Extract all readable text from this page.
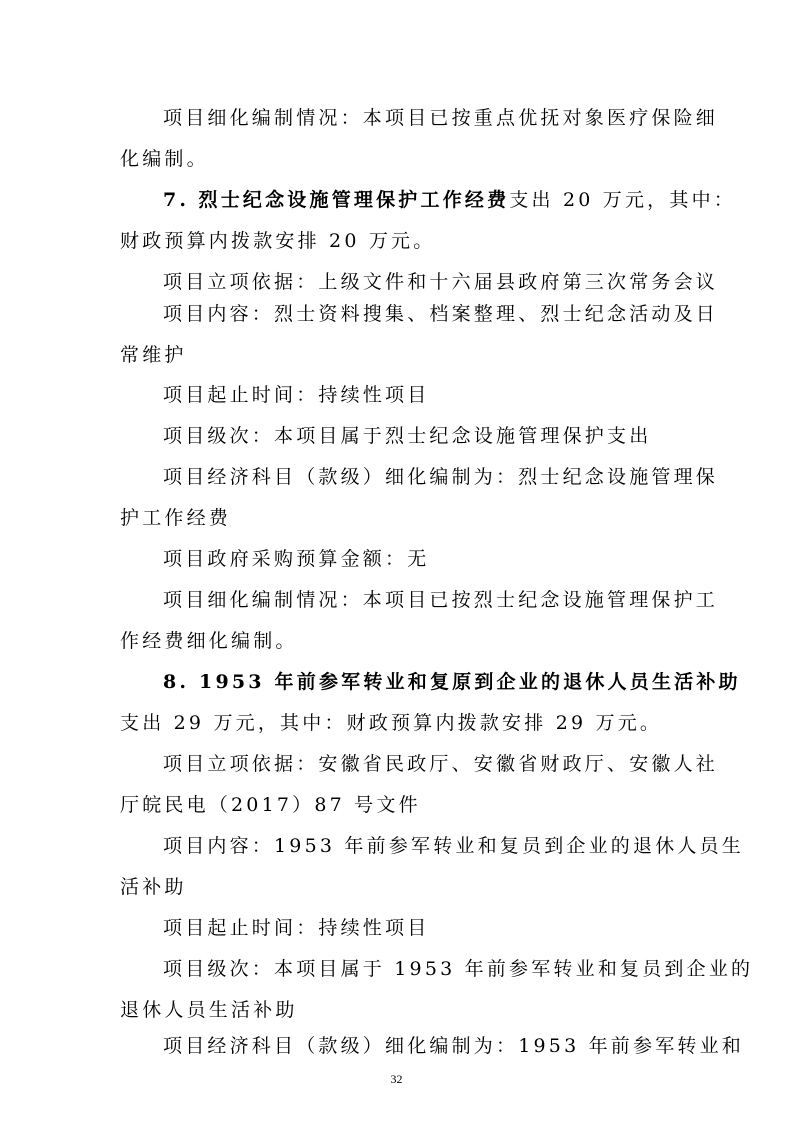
项目细化编制情况：本项目已按重点优抚对象医疗保险细
化编制。
7. 烈士纪念设施管理保护工作经费支出 20 万元，其中：
财政预算内拨款安排 20 万元。
项目立项依据：上级文件和十六届县政府第三次常务会议
项目内容：烈士资料搜集、档案整理、烈士纪念活动及日
常维护
项目起止时间：持续性项目
项目级次：本项目属于烈士纪念设施管理保护支出
项目经济科目（款级）细化编制为：烈士纪念设施管理保
护工作经费
项目政府采购预算金额：无
项目细化编制情况：本项目已按烈士纪念设施管理保护工
作经费细化编制。
8. 1953 年前参军转业和复原到企业的退休人员生活补助
支出 29 万元，其中：财政预算内拨款安排 29 万元。
项目立项依据：安徽省民政厅、安徽省财政厅、安徽人社
厅皖民电（2017）87 号文件
项目内容：1953 年前参军转业和复员到企业的退休人员生
活补助
项目起止时间：持续性项目
项目级次：本项目属于 1953 年前参军转业和复员到企业的
退休人员生活补助
项目经济科目（款级）细化编制为：1953 年前参军转业和
32
